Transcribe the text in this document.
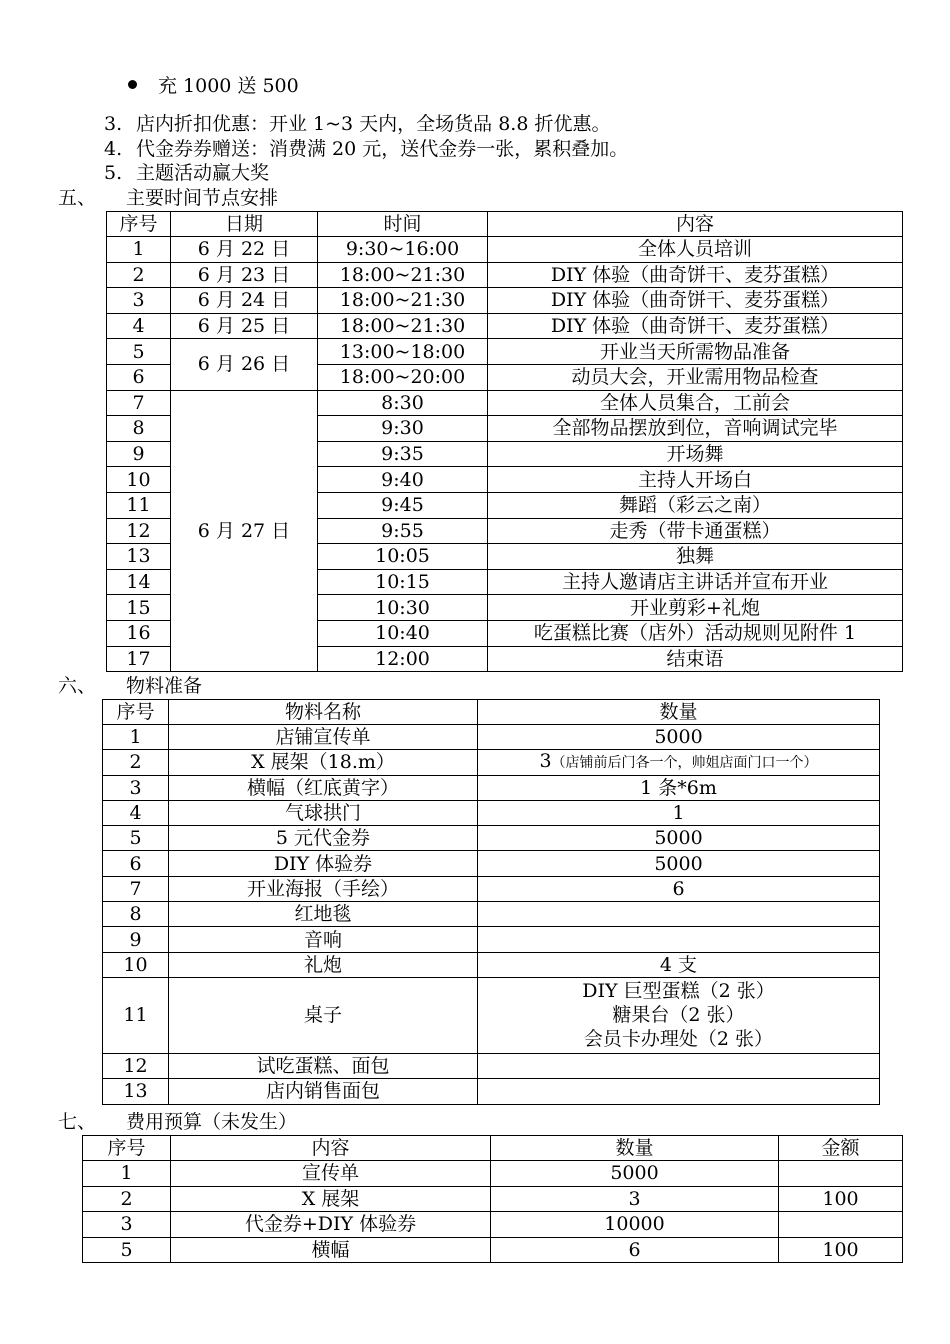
充 1000 送 500
3. 店内折扣优惠：开业 1~3 天内，全场货品 8.8 折优惠。
4. 代金券券赠送：消费满 20 元，送代金券一张，累积叠加。
5. 主题活动赢大奖
五、 主要时间节点安排
序号	日期	时间	内容
1	6 月 22 日	9:30~16:00	全体人员培训
2	6 月 23 日	18:00~21:30	DIY 体验（曲奇饼干、麦芬蛋糕）
3	6 月 24 日	18:00~21:30	DIY 体验（曲奇饼干、麦芬蛋糕）
4	6 月 25 日	18:00~21:30	DIY 体验（曲奇饼干、麦芬蛋糕）
5	6 月 26 日	13:00~18:00	开业当天所需物品准备
6		18:00~20:00	动员大会，开业需用物品检查
7	6 月 27 日	8:30	全体人员集合，工前会
8		9:30	全部物品摆放到位，音响调试完毕
9		9:35	开场舞
10		9:40	主持人开场白
11		9:45	舞蹈（彩云之南）
12		9:55	走秀（带卡通蛋糕）
13		10:05	独舞
14		10:15	主持人邀请店主讲话并宣布开业
15		10:30	开业剪彩+礼炮
16		10:40	吃蛋糕比赛（店外）活动规则见附件 1
17		12:00	结束语
六、 物料准备
序号	物料名称	数量
1	店铺宣传单	5000
2	X 展架（18.m）	3（店铺前后门各一个，帅姐店面门口一个）
3	横幅（红底黄字）	1 条*6m
4	气球拱门	1
5	5 元代金券	5000
6	DIY 体验券	5000
7	开业海报（手绘）	6
8	红地毯	
9	音响	
10	礼炮	4 支
11	桌子	DIY 巨型蛋糕（2 张）
糖果台（2 张）
会员卡办理处（2 张）

12	试吃蛋糕、面包	
13	店内销售面包	
七、 费用预算（未发生）
序号	内容	数量	金额
1	宣传单	5000	
2	X 展架	3	100
3	代金券+DIY 体验券	10000	
5	横幅	6	100
